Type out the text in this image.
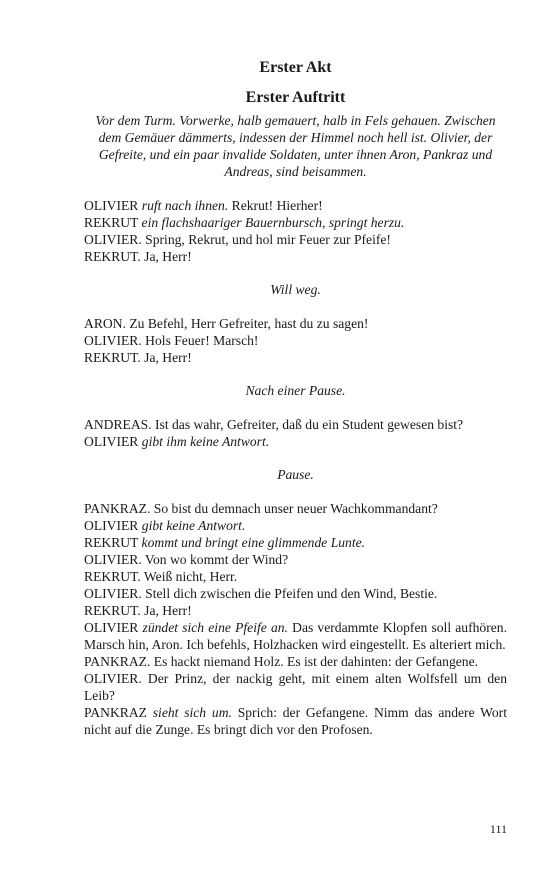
Erster Akt
Erster Auftritt

Vor dem Turm. Vorwerke, halb gemauert, halb in Fels gehauen. Zwischen dem Gemäuer dämmerts, indessen der Himmel noch hell ist. Olivier, der Gefreite, und ein paar invalide Soldaten, unter ihnen Aron, Pankraz und Andreas, sind beisammen.

OLIVIER ruft nach ihnen. Rekrut! Hierher!

REKRUT ein flachshaariger Bauernbursch, springt herzu.

OLIVIER. Spring, Rekrut, und hol mir Feuer zur Pfeife!

REKRUT. Ja, Herr!

Will weg.

ARON. Zu Befehl, Herr Gefreiter, hast du zu sagen!

OLIVIER. Hols Feuer! Marsch!

REKRUT. Ja, Herr!

Nach einer Pause.

ANDREAS. Ist das wahr, Gefreiter, daß du ein Student gewesen bist?

OLIVIER gibt ihm keine Antwort.

Pause.

PANKRAZ. So bist du demnach unser neuer Wachkommandant?

OLIVIER gibt keine Antwort.

REKRUT kommt und bringt eine glimmende Lunte.

OLIVIER. Von wo kommt der Wind?

REKRUT. Weiß nicht, Herr.

OLIVIER. Stell dich zwischen die Pfeifen und den Wind, Bestie.

REKRUT. Ja, Herr!

OLIVIER zündet sich eine Pfeife an. Das verdammte Klopfen soll aufhören. Marsch hin, Aron. Ich befehls, Holzhacken wird eingestellt. Es alteriert mich.

PANKRAZ. Es hackt niemand Holz. Es ist der dahinten: der Gefangene.

OLIVIER. Der Prinz, der nackig geht, mit einem alten Wolfsfell um den Leib?

PANKRAZ sieht sich um. Sprich: der Gefangene. Nimm das andere Wort nicht auf die Zunge. Es bringt dich vor den Profosen.

111
